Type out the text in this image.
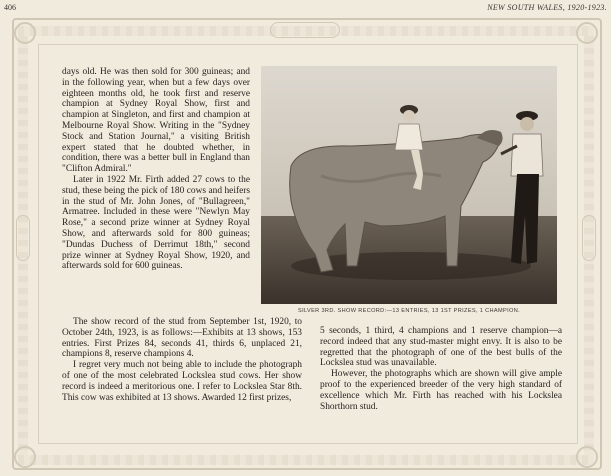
406	NEW SOUTH WALES, 1920-1923.

days old. He was then sold for 300 guineas; and in the following year, when but a few days over eighteen months old, he took first and reserve champion at Sydney Royal Show, first and champion at Singleton, and first and champion at Melbourne Royal Show. Writing in the "Sydney Stock and Station Journal," a visiting British expert stated that he doubted whether, in condition, there was a better bull in England than "Clifton Admiral."

Later in 1922 Mr. Firth added 27 cows to the stud, these being the pick of 180 cows and heifers in the stud of Mr. John Jones, of "Bullagreen," Armatree. Included in these were "Newlyn May Rose," a second prize winner at Sydney Royal Show, and afterwards sold for 800 guineas; "Dundas Duchess of Derrimut 18th," second prize winner at Sydney Royal Show, 1920, and afterwards sold for 600 guineas.

SILVER 3RD. SHOW RECORD:—13 ENTRIES, 13 1ST PRIZES, 1 CHAMPION.

The show record of the stud from September 1st, 1920, to October 24th, 1923, is as follows:—Exhibits at 13 shows, 153 entries. First Prizes 84, seconds 41, thirds 6, unplaced 21, champions 8, reserve champions 4.

I regret very much not being able to include the photograph of one of the most celebrated Lockslea stud cows. Her show record is indeed a meritorious one. I refer to Lockslea Star 8th. This cow was exhibited at 13 shows. Awarded 12 first prizes,

5 seconds, 1 third, 4 champions and 1 reserve champion—a record indeed that any stud-master might envy. It is also to be regretted that the photograph of one of the best bulls of the Lockslea stud was unavailable.

However, the photographs which are shown will give ample proof to the experienced breeder of the very high standard of excellence which Mr. Firth has reached with his Lockslea Shorthorn stud.
